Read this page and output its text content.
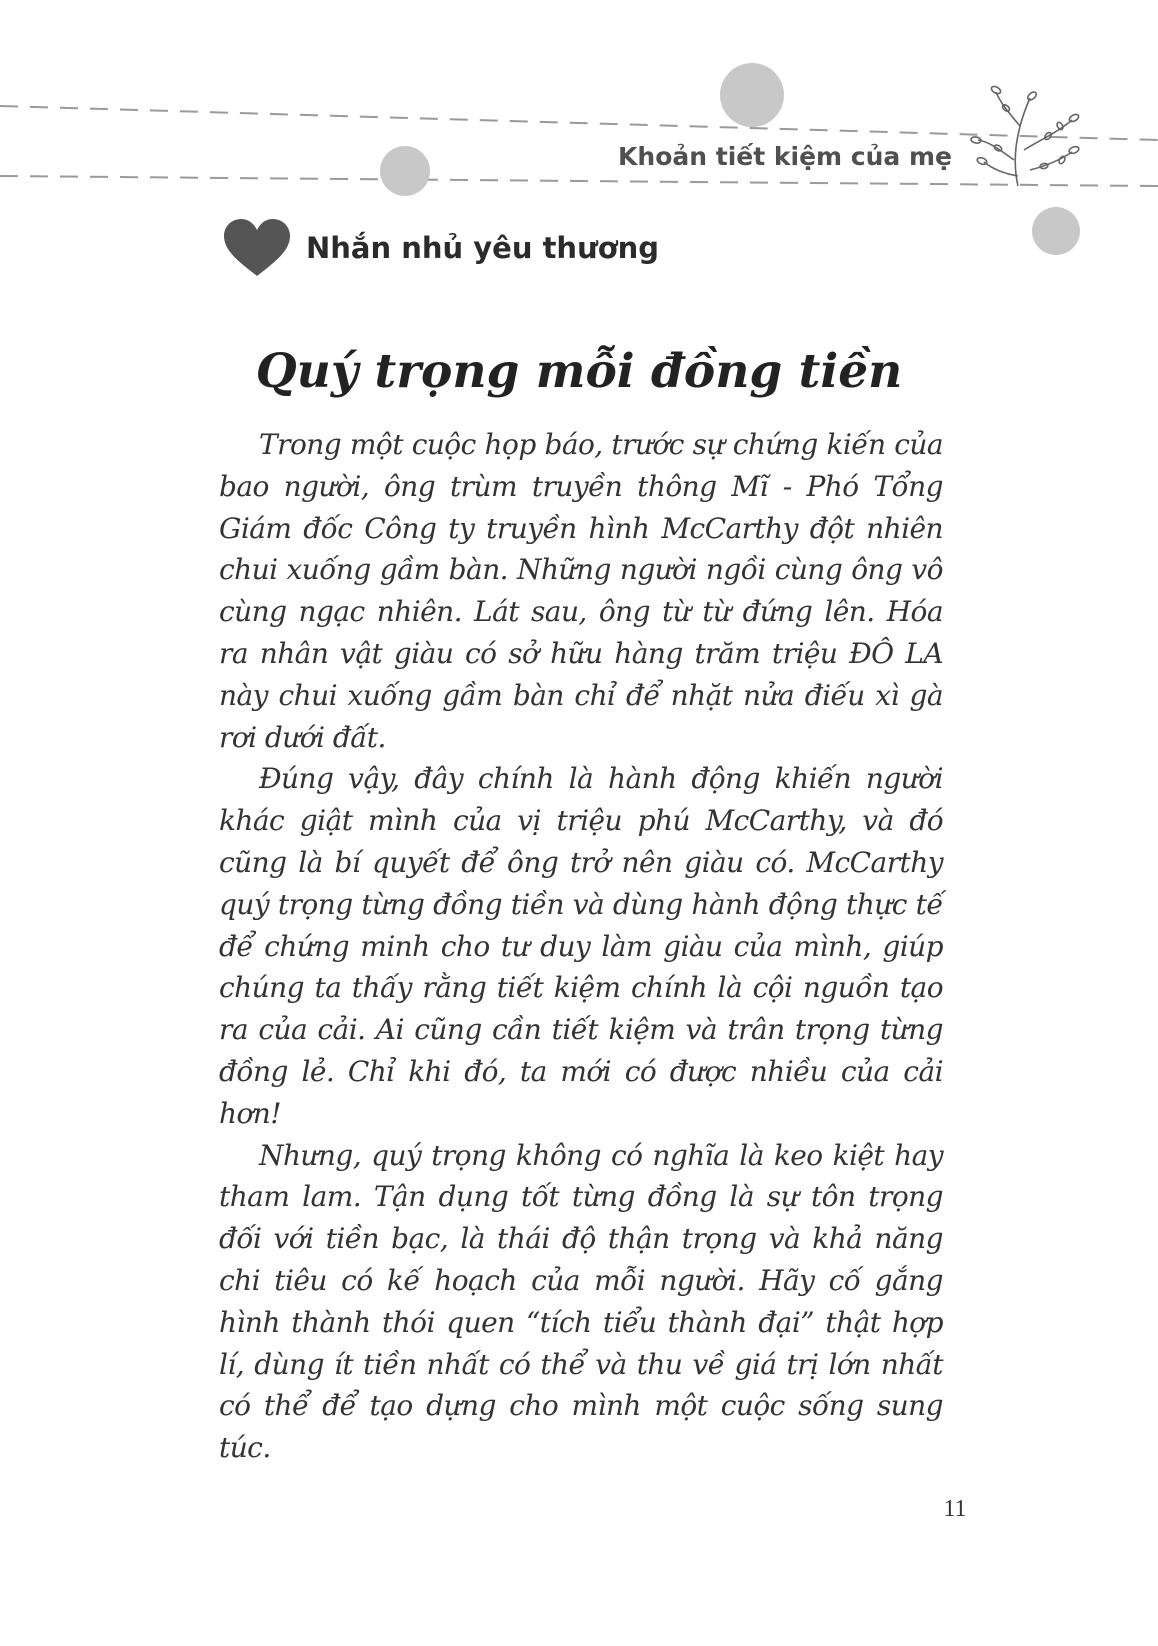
Khoản tiết kiệm của mẹ
Nhắn nhủ yêu thương
Quý trọng mỗi đồng tiền

Trong một cuộc họp báo, trước sự chứng kiến của bao người, ông trùm truyền thông Mĩ - Phó Tổng Giám đốc Công ty truyền hình McCarthy đột nhiên chui xuống gầm bàn. Những người ngồi cùng ông vô cùng ngạc nhiên. Lát sau, ông từ từ đứng lên. Hóa ra nhân vật giàu có sở hữu hàng trăm triệu ĐÔ LA này chui xuống gầm bàn chỉ để nhặt nửa điếu xì gà rơi dưới đất.

Đúng vậy, đây chính là hành động khiến người khác giật mình của vị triệu phú McCarthy, và đó cũng là bí quyết để ông trở nên giàu có. McCarthy quý trọng từng đồng tiền và dùng hành động thực tế để chứng minh cho tư duy làm giàu của mình, giúp chúng ta thấy rằng tiết kiệm chính là cội nguồn tạo ra của cải. Ai cũng cần tiết kiệm và trân trọng từng đồng lẻ. Chỉ khi đó, ta mới có được nhiều của cải hơn!

Nhưng, quý trọng không có nghĩa là keo kiệt hay tham lam. Tận dụng tốt từng đồng là sự tôn trọng đối với tiền bạc, là thái độ thận trọng và khả năng chi tiêu có kế hoạch của mỗi người. Hãy cố gắng hình thành thói quen “tích tiểu thành đại” thật hợp lí, dùng ít tiền nhất có thể và thu về giá trị lớn nhất có thể để tạo dựng cho mình một cuộc sống sung túc.

11
